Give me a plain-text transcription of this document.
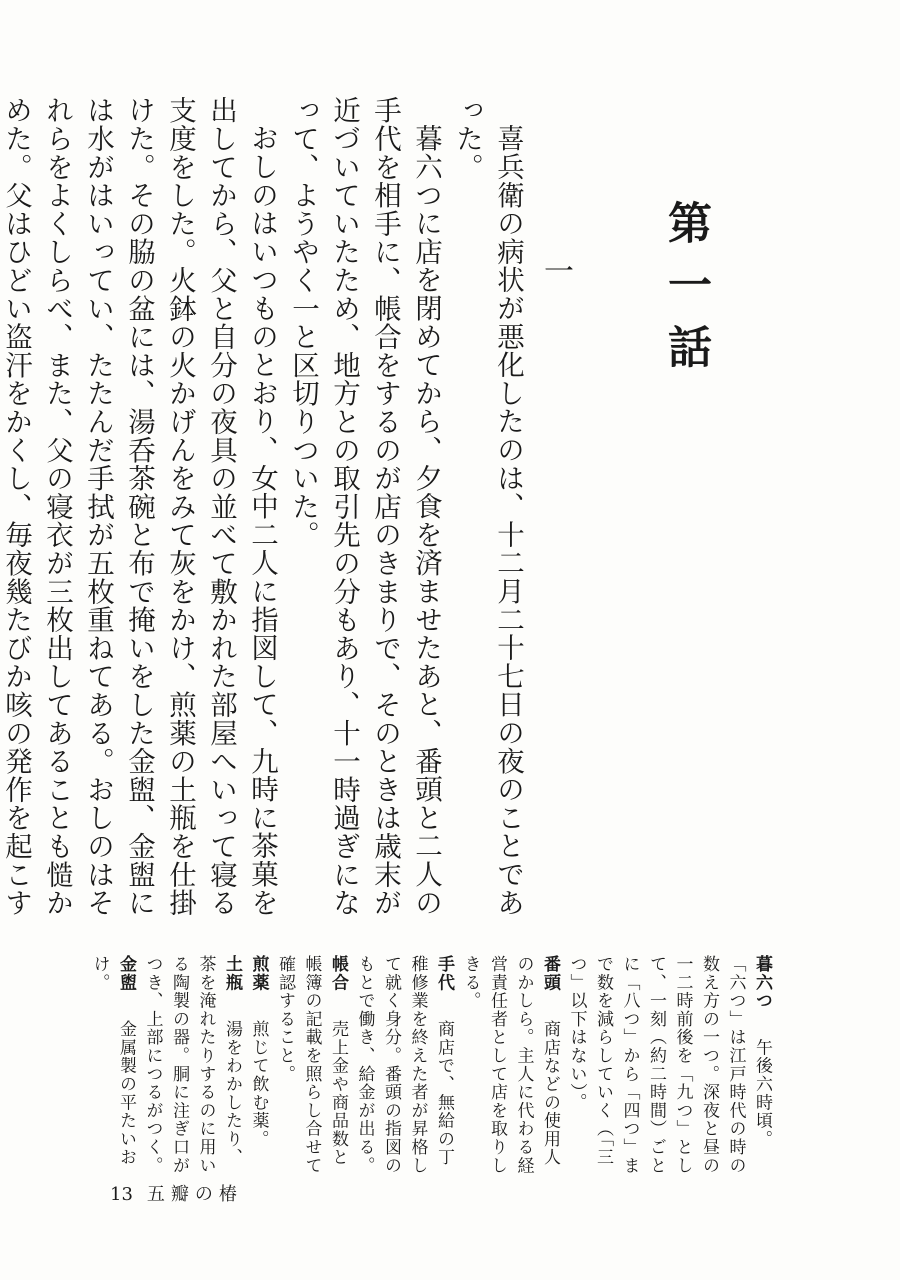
第一話
一

喜兵衛の病状が悪化したのは、十二月二十七日の夜のことであった。

暮六つに店を閉めてから、夕食を済ませたあと、番頭と二人の手代を相手に、帳合をするのが店のきまりで、そのときは歳末が近づいていたため、地方との取引先の分もあり、十一時過ぎになって、ようやく一と区切りついた。

おしのはいつものとおり、女中二人に指図して、九時に茶菓を出してから、父と自分の夜具の並べて敷かれた部屋へいって寝る支度をした。火鉢の火かげんをみて灰をかけ、煎薬の土瓶を仕掛けた。その脇の盆には、湯呑茶碗と布で掩いをした金盥、金盥には水がはいってい、たたんだ手拭が五枚重ねてある。おしのはそれらをよくしらべ、また、父の寝衣が三枚出してあることも慥かめた。父はひどい盗汗をかくし、毎夜幾たびか咳の発作を起こす

暮六つ　午後六時頃。「六つ」は江戸時代の時の数え方の一つ。深夜と昼の一二時前後を「九つ」として、一刻（約二時間）ごとに「八つ」から「四つ」まで数を減らしていく（「三つ」以下はない）。

番頭　商店などの使用人のかしら。主人に代わる経営責任者として店を取りしきる。

手代　商店で、無給の丁稚修業を終えた者が昇格して就く身分。番頭の指図のもとで働き、給金が出る。

帳合　売上金や商品数と帳簿の記載を照らし合せて確認すること。

煎薬　煎じて飲む薬。

土瓶　湯をわかしたり、茶を淹れたりするのに用いる陶製の器。胴に注ぎ口がつき、上部につるがつく。

金盥　金属製の平たいおけ。

13 五瓣の椿
